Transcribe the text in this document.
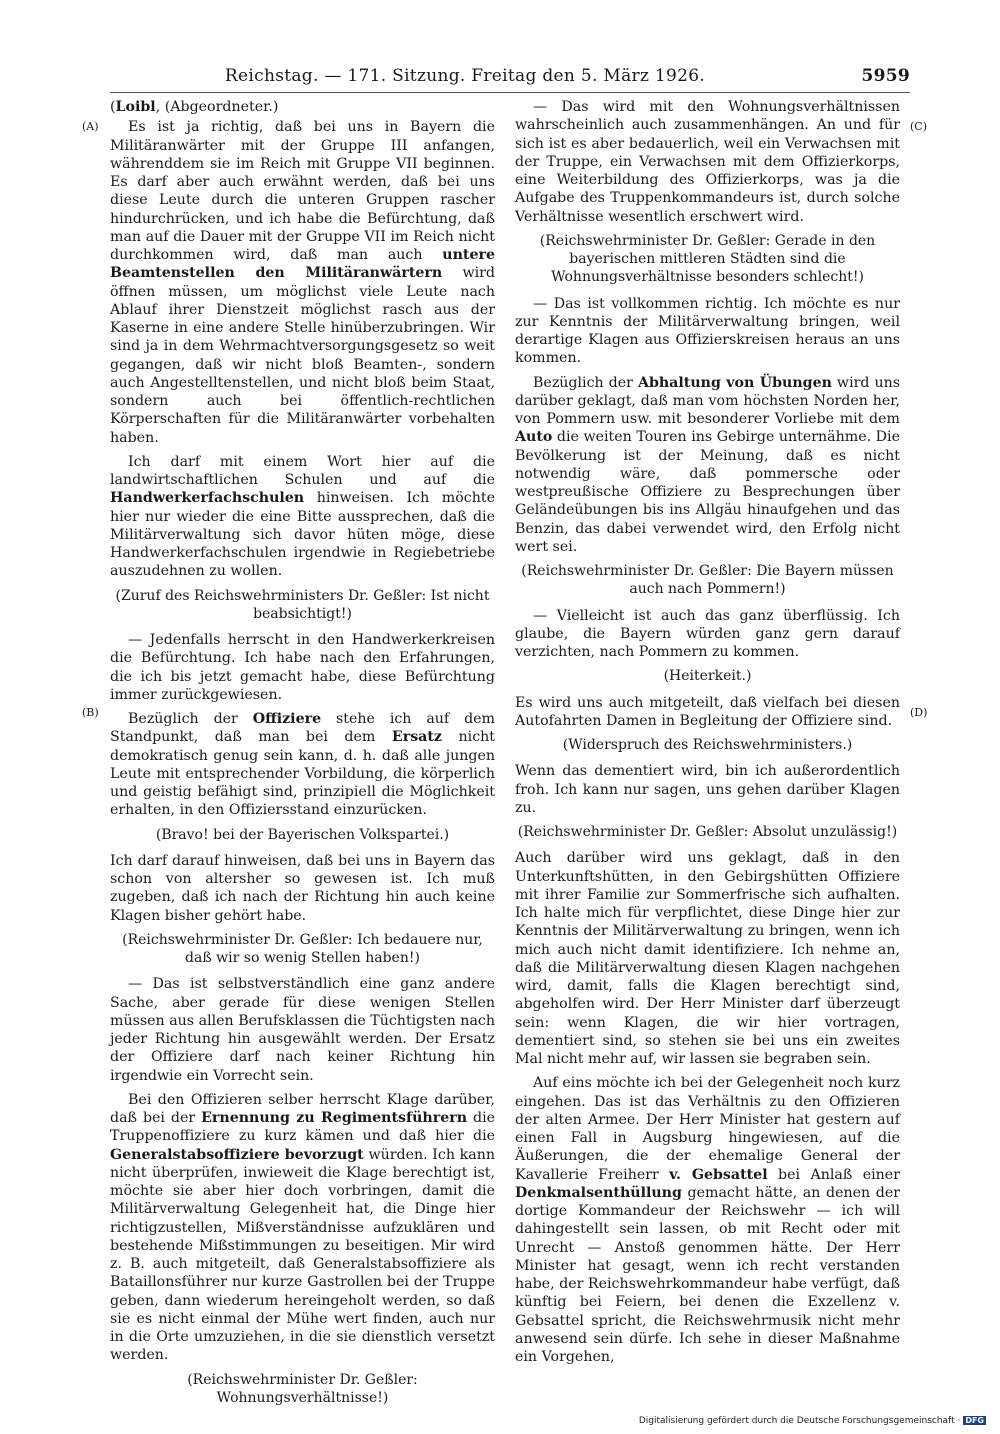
Reichstag. — 171. Sitzung. Freitag den 5. März 1926.	5959
(A)
(B)
(C)
(D)

(Loibl, (Abgeordneter.)

Es ist ja richtig, daß bei uns in Bayern die Militäranwärter mit der Gruppe III anfangen, währenddem sie im Reich mit Gruppe VII beginnen. Es darf aber auch erwähnt werden, daß bei uns diese Leute durch die unteren Gruppen rascher hindurchrücken, und ich habe die Befürchtung, daß man auf die Dauer mit der Gruppe VII im Reich nicht durchkommen wird, daß man auch untere Beamtenstellen den Militäranwärtern wird öffnen müssen, um möglichst viele Leute nach Ablauf ihrer Dienstzeit möglichst rasch aus der Kaserne in eine andere Stelle hinüberzubringen. Wir sind ja in dem Wehrmachtversorgungsgesetz so weit gegangen, daß wir nicht bloß Beamten-, sondern auch Angestelltenstellen, und nicht bloß beim Staat, sondern auch bei öffentlich-rechtlichen Körperschaften für die Militäranwärter vorbehalten haben.

Ich darf mit einem Wort hier auf die landwirtschaftlichen Schulen und auf die Handwerkerfachschulen hinweisen. Ich möchte hier nur wieder die eine Bitte aussprechen, daß die Militärverwaltung sich davor hüten möge, diese Handwerkerfachschulen irgendwie in Regiebetriebe auszudehnen zu wollen.

(Zuruf des Reichswehrministers Dr. Geßler: Ist nicht beabsichtigt!)

— Jedenfalls herrscht in den Handwerkerkreisen die Befürchtung. Ich habe nach den Erfahrungen, die ich bis jetzt gemacht habe, diese Befürchtung immer zurückgewiesen.

Bezüglich der Offiziere stehe ich auf dem Standpunkt, daß man bei dem Ersatz nicht demokratisch genug sein kann, d. h. daß alle jungen Leute mit entsprechender Vorbildung, die körperlich und geistig befähigt sind, prinzipiell die Möglichkeit erhalten, in den Offiziersstand einzurücken.

(Bravo! bei der Bayerischen Volkspartei.)

Ich darf darauf hinweisen, daß bei uns in Bayern das schon von altersher so gewesen ist. Ich muß zugeben, daß ich nach der Richtung hin auch keine Klagen bisher gehört habe.

(Reichswehrminister Dr. Geßler: Ich bedauere nur, daß wir so wenig Stellen haben!)

— Das ist selbstverständlich eine ganz andere Sache, aber gerade für diese wenigen Stellen müssen aus allen Berufsklassen die Tüchtigsten nach jeder Richtung hin ausgewählt werden. Der Ersatz der Offiziere darf nach keiner Richtung hin irgendwie ein Vorrecht sein.

Bei den Offizieren selber herrscht Klage darüber, daß bei der Ernennung zu Regimentsführern die Truppenoffiziere zu kurz kämen und daß hier die Generalstabsoffiziere bevorzugt würden. Ich kann nicht überprüfen, inwieweit die Klage berechtigt ist, möchte sie aber hier doch vorbringen, damit die Militärverwaltung Gelegenheit hat, die Dinge hier richtigzustellen, Mißverständnisse aufzuklären und bestehende Mißstimmungen zu beseitigen. Mir wird z. B. auch mitgeteilt, daß Generalstabsoffiziere als Bataillonsführer nur kurze Gastrollen bei der Truppe geben, dann wiederum hereingeholt werden, so daß sie es nicht einmal der Mühe wert finden, auch nur in die Orte umzuziehen, in die sie dienstlich versetzt werden.

(Reichswehrminister Dr. Geßler: Wohnungsverhältnisse!)

— Das wird mit den Wohnungsverhältnissen wahrscheinlich auch zusammenhängen. An und für sich ist es aber bedauerlich, weil ein Verwachsen mit der Truppe, ein Verwachsen mit dem Offizierkorps, eine Weiterbildung des Offizierkorps, was ja die Aufgabe des Truppenkommandeurs ist, durch solche Verhältnisse wesentlich erschwert wird.

(Reichswehrminister Dr. Geßler: Gerade in den bayerischen mittleren Städten sind die Wohnungsverhältnisse besonders schlecht!)

— Das ist vollkommen richtig. Ich möchte es nur zur Kenntnis der Militärverwaltung bringen, weil derartige Klagen aus Offizierskreisen heraus an uns kommen.

Bezüglich der Abhaltung von Übungen wird uns darüber geklagt, daß man vom höchsten Norden her, von Pommern usw. mit besonderer Vorliebe mit dem Auto die weiten Touren ins Gebirge unternähme. Die Bevölkerung ist der Meinung, daß es nicht notwendig wäre, daß pommersche oder westpreußische Offiziere zu Besprechungen über Geländeübungen bis ins Allgäu hinaufgehen und das Benzin, das dabei verwendet wird, den Erfolg nicht wert sei.

(Reichswehrminister Dr. Geßler: Die Bayern müssen auch nach Pommern!)

— Vielleicht ist auch das ganz überflüssig. Ich glaube, die Bayern würden ganz gern darauf verzichten, nach Pommern zu kommen.

(Heiterkeit.)

Es wird uns auch mitgeteilt, daß vielfach bei diesen Autofahrten Damen in Begleitung der Offiziere sind.

(Widerspruch des Reichswehrministers.)

Wenn das dementiert wird, bin ich außerordentlich froh. Ich kann nur sagen, uns gehen darüber Klagen zu.

(Reichswehrminister Dr. Geßler: Absolut unzulässig!)

Auch darüber wird uns geklagt, daß in den Unterkunftshütten, in den Gebirgshütten Offiziere mit ihrer Familie zur Sommerfrische sich aufhalten. Ich halte mich für verpflichtet, diese Dinge hier zur Kenntnis der Militärverwaltung zu bringen, wenn ich mich auch nicht damit identifiziere. Ich nehme an, daß die Militärverwaltung diesen Klagen nachgehen wird, damit, falls die Klagen berechtigt sind, abgeholfen wird. Der Herr Minister darf überzeugt sein: wenn Klagen, die wir hier vortragen, dementiert sind, so stehen sie bei uns ein zweites Mal nicht mehr auf, wir lassen sie begraben sein.

Auf eins möchte ich bei der Gelegenheit noch kurz eingehen. Das ist das Verhältnis zu den Offizieren der alten Armee. Der Herr Minister hat gestern auf einen Fall in Augsburg hingewiesen, auf die Äußerungen, die der ehemalige General der Kavallerie Freiherr v. Gebsattel bei Anlaß einer Denkmalsenthüllung gemacht hätte, an denen der dortige Kommandeur der Reichswehr — ich will dahingestellt sein lassen, ob mit Recht oder mit Unrecht — Anstoß genommen hätte. Der Herr Minister hat gesagt, wenn ich recht verstanden habe, der Reichswehrkommandeur habe verfügt, daß künftig bei Feiern, bei denen die Exzellenz v. Gebsattel spricht, die Reichswehrmusik nicht mehr anwesend sein dürfe. Ich sehe in dieser Maßnahme ein Vorgehen,

Digitalisierung gefördert durch die Deutsche Forschungsgemeinschaft · DFG
